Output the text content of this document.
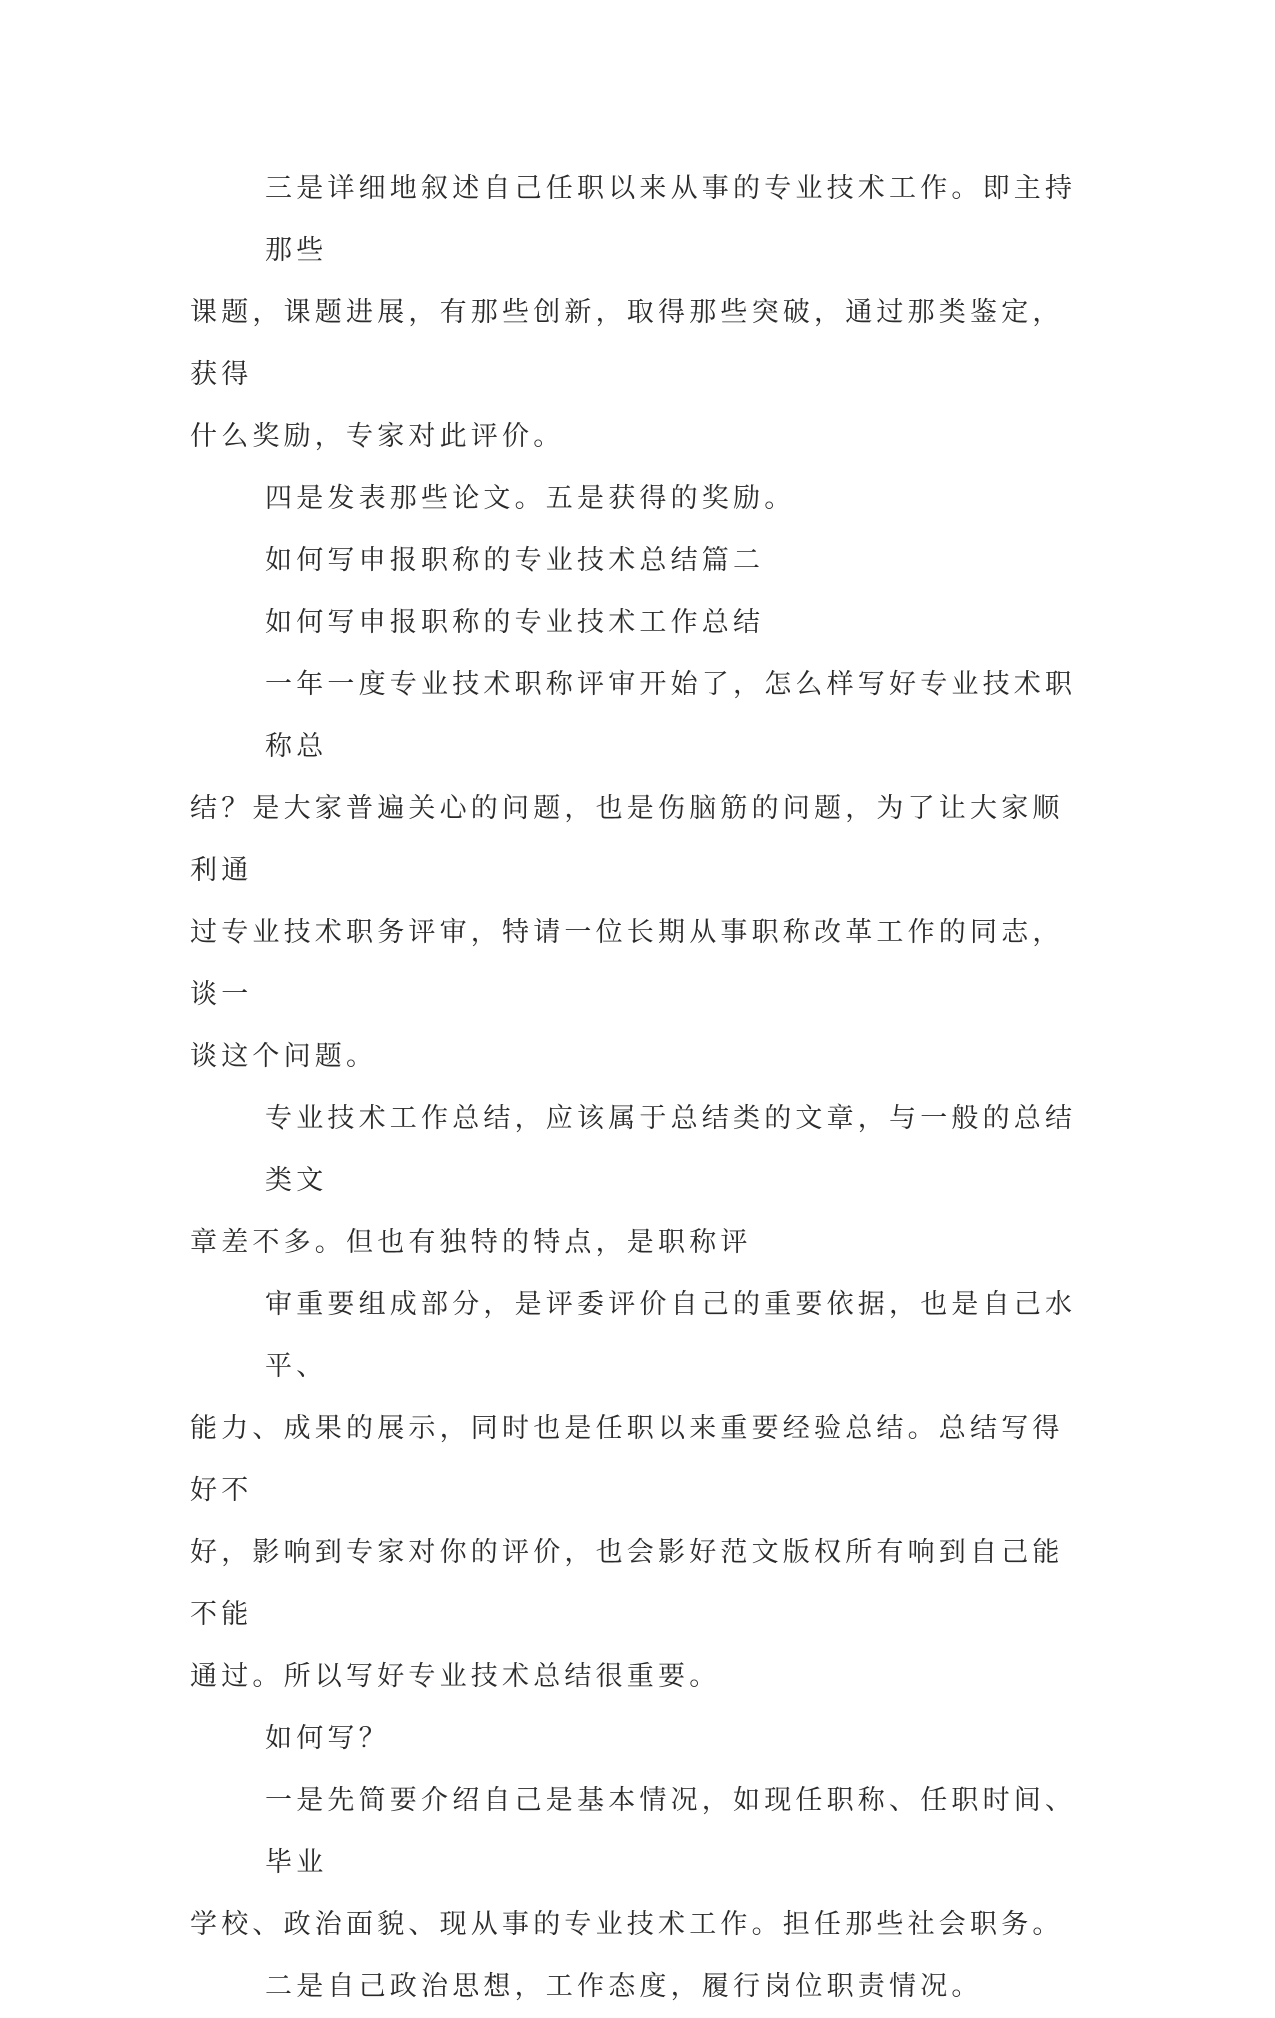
三是详细地叙述自己任职以来从事的专业技术工作。即主持那些
课题，课题进展，有那些创新，取得那些突破，通过那类鉴定，获得
什么奖励，专家对此评价。
四是发表那些论文。五是获得的奖励。
如何写申报职称的专业技术总结篇二
如何写申报职称的专业技术工作总结
一年一度专业技术职称评审开始了，怎么样写好专业技术职称总
结？是大家普遍关心的问题，也是伤脑筋的问题，为了让大家顺利通
过专业技术职务评审，特请一位长期从事职称改革工作的同志，谈一
谈这个问题。
专业技术工作总结，应该属于总结类的文章，与一般的总结类文
章差不多。但也有独特的特点，是职称评
审重要组成部分，是评委评价自己的重要依据，也是自己水平、
能力、成果的展示，同时也是任职以来重要经验总结。总结写得好不
好，影响到专家对你的评价，也会影好范文版权所有响到自己能不能
通过。所以写好专业技术总结很重要。
如何写？
一是先简要介绍自己是基本情况，如现任职称、任职时间、毕业
学校、政治面貌、现从事的专业技术工作。担任那些社会职务。
二是自己政治思想，工作态度，履行岗位职责情况。
